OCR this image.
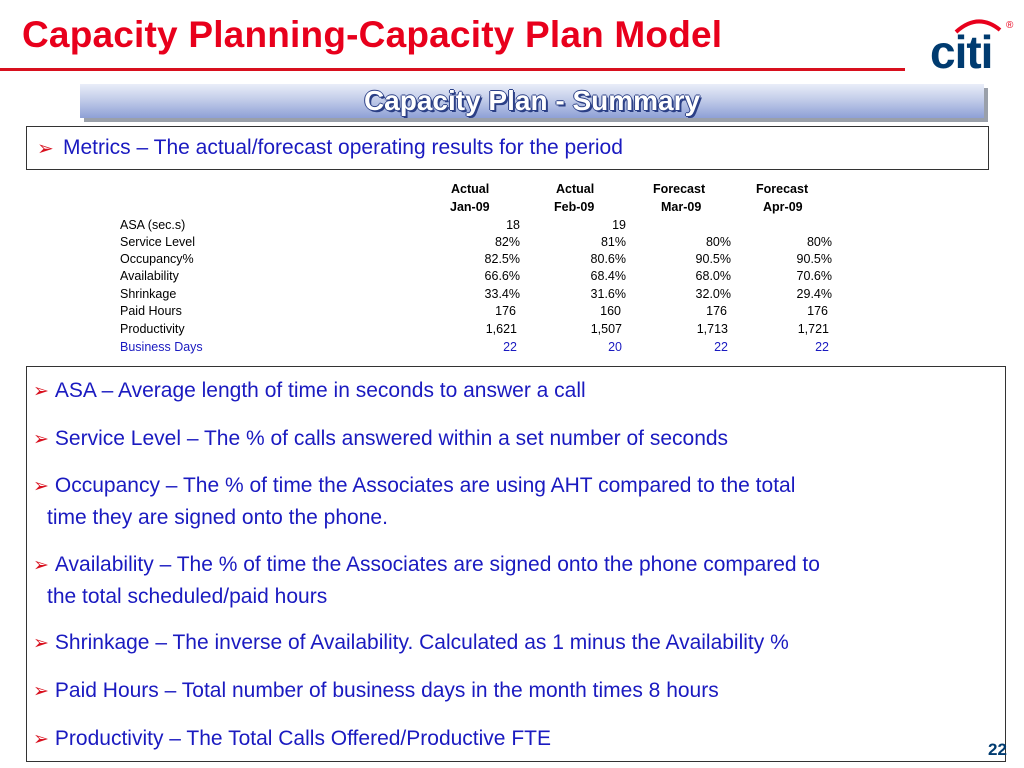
Capacity Planning-Capacity Plan Model	citi
®
Capacity Plan - Summary
➢ Metrics – The actual/forecast operating results for the period
Actual	Actual	Forecast	Forecast
Jan-09	Feb-09	Mar-09	Apr-09
ASA (sec.s)	18	19
Service Level	82%	81%	80%	80%
Occupancy%	82.5%	80.6%	90.5%	90.5%
Availability	66.6%	68.4%	68.0%	70.6%
Shrinkage	33.4%	31.6%	32.0%	29.4%
Paid Hours	176	160	176	176
Productivity	1,621	1,507	1,713	1,721
Business Days	22	20	22	22
➢ ASA – Average length of time in seconds to answer a call
➢ Service Level – The % of calls answered within a set number of seconds
➢ Occupancy – The % of time the Associates are using AHT compared to the total
time they are signed onto the phone.
➢ Availability – The % of time the Associates are signed onto the phone compared to
the total scheduled/paid hours
➢ Shrinkage – The inverse of Availability. Calculated as 1 minus the Availability %
➢ Paid Hours – Total number of business days in the month times 8 hours
➢ Productivity – The Total Calls Offered/Productive FTE	22
